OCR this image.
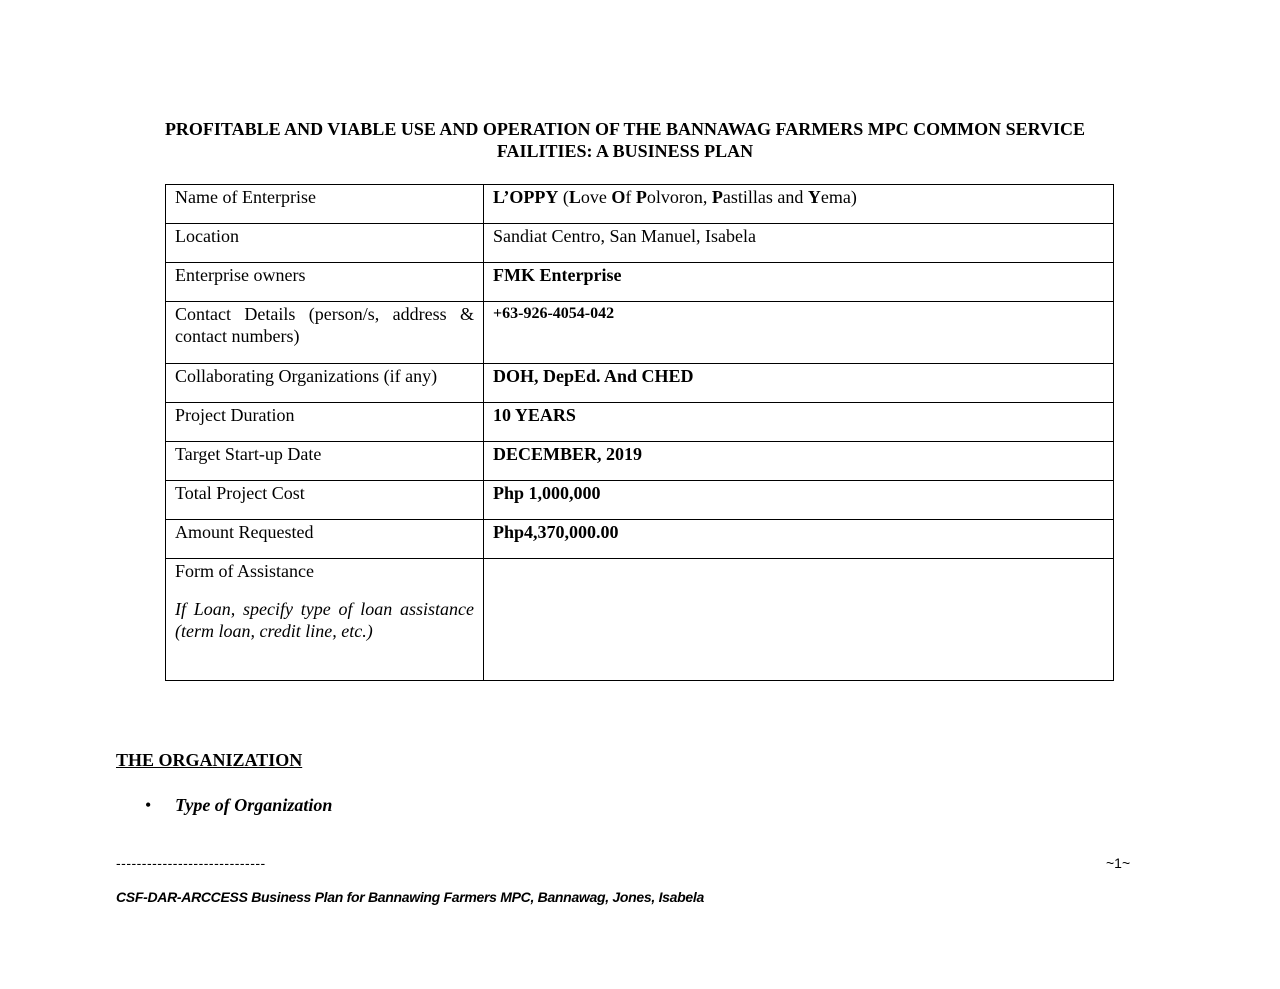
PROFITABLE AND VIABLE USE AND OPERATION OF THE BANNAWAG FARMERS MPC COMMON SERVICE
FAILITIES: A BUSINESS PLAN
Name of Enterprise	L’OPPY (Love Of Polvoron, Pastillas and Yema)
Location	Sandiat Centro, San Manuel, Isabela
Enterprise owners	FMK Enterprise
Contact Details (person/s, address & contact numbers)	+63-926-4054-042
Collaborating Organizations (if any)	DOH, DepEd. And CHED
Project Duration	10 YEARS
Target Start-up Date	DECEMBER, 2019
Total Project Cost	Php 1,000,000
Amount Requested	Php4,370,000.00

Form of Assistance
If Loan, specify type of loan assistance (term loan, credit line, etc.)	

THE ORGANIZATION
• Type of Organization
-----------------------------	~1~
CSF-DAR-ARCCESS Business Plan for Bannawing Farmers MPC, Bannawag, Jones, Isabela
